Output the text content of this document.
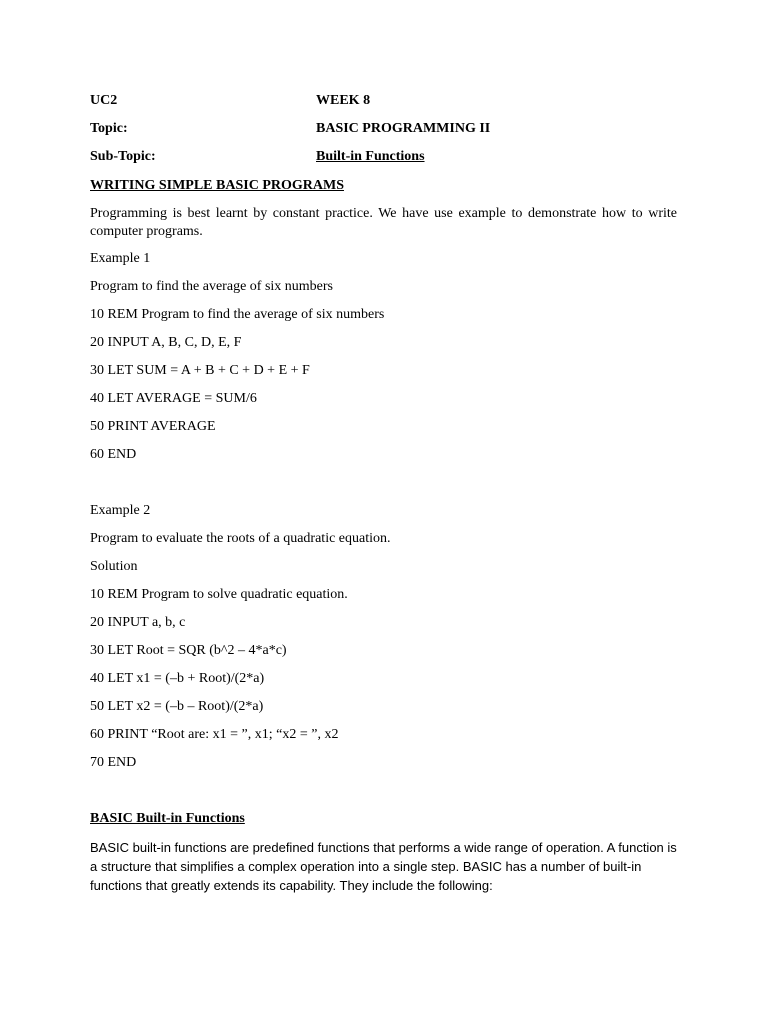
UC2	WEEK 8
Topic:	BASIC PROGRAMMING II
Sub-Topic:	Built-in Functions
WRITING SIMPLE BASIC PROGRAMS
Programming is best learnt by constant practice. We have use example to demonstrate how to write computer programs.
Example 1
Program to find the average of six numbers
10 REM Program to find the average of six numbers
20 INPUT A, B, C, D, E, F
30 LET SUM = A + B + C + D + E + F
40 LET AVERAGE = SUM/6
50 PRINT AVERAGE
60 END
Example 2
Program to evaluate the roots of a quadratic equation.
Solution
10 REM Program to solve quadratic equation.
20 INPUT a, b, c
30 LET Root = SQR (b^2 – 4*a*c)
40 LET x1 = (–b + Root)/(2*a)
50 LET x2 = (–b – Root)/(2*a)
60 PRINT “Root are: x1 = ”, x1; “x2 = ”, x2
70 END
BASIC Built-in Functions
BASIC built-in functions are predefined functions that performs a wide range of operation. A function is a structure that simplifies a complex operation into a single step. BASIC has a number of built-in functions that greatly extends its capability. They include the following:
